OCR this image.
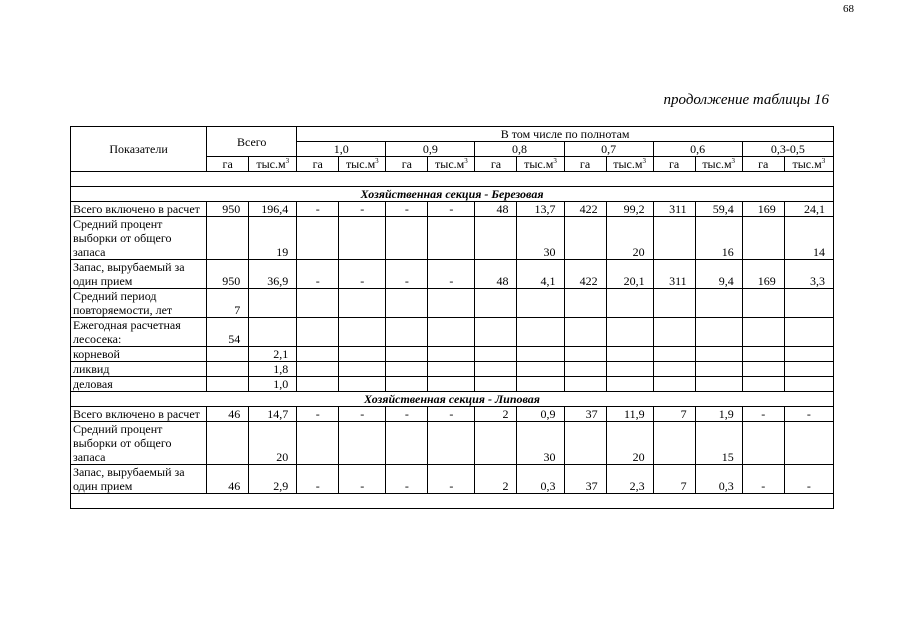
68
продолжение таблицы 16
Показатели	Всего		В том числе по полнотам											
			1,0		0,9		0,8		0,7		0,6		0,3-0,5	
	га	$тыс.м^3$	га	$тыс.м^3$	га	$тыс.м^3$	га	$тыс.м^3$	га	$тыс.м^3$	га	$тыс.м^3$	га	$тыс.м^3$

Хозяйственная секция - Березовая														
Всего включено в расчет	950	196,4	-	-	-	-	48	13,7	422	99,2	311	59,4	169	24,1
Средний процент выборки от общего запаса		19						30		20		16		14
Запас, вырубаемый за один прием	950	36,9	-	-	-	-	48	4,1	422	20,1	311	9,4	169	3,3
Средний период повторяемости, лет	7													
Ежегодная расчетная лесосека:	54													
корневой		2,1												
ликвид		1,8												
деловая		1,0												
Хозяйственная секция - Липовая														
Всего включено в расчет	46	14,7	-	-	-	-	2	0,9	37	11,9	7	1,9	-	-
Средний процент выборки от общего запаса		20						30		20		15		
Запас, вырубаемый за один прием	46	2,9	-	-	-	-	2	0,3	37	2,3	7	0,3	-	-
